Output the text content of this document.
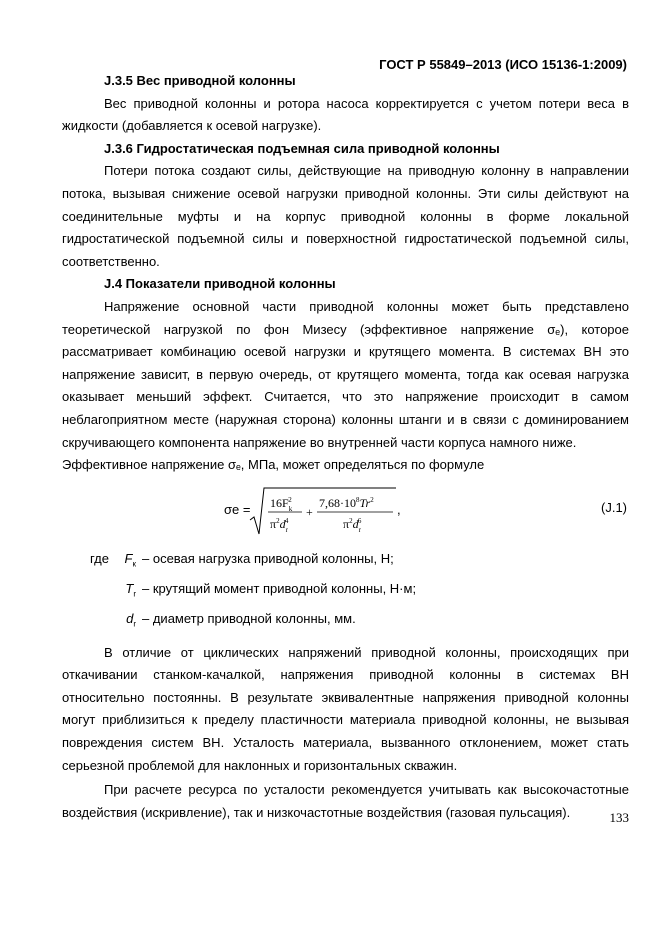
ГОСТ Р 55849–2013 (ИСО 15136-1:2009)

J.3.5 Вес приводной колонны

Вес приводной колонны и ротора насоса корректируется с учетом потери веса в жидкости (добавляется к осевой нагрузке).

J.3.6 Гидростатическая подъемная сила приводной колонны

Потери потока создают силы, действующие на приводную колонну в направлении потока, вызывая снижение осевой нагрузки приводной колонны. Эти силы действуют на соединительные муфты и на корпус приводной колонны в форме локальной гидростатической подъемной силы и поверхностной гидростатической подъемной силы, соответственно.

J.4 Показатели приводной колонны

Напряжение основной части приводной колонны может быть представлено теоретической нагрузкой по фон Мизесу (эффективное напряжение σₑ), которое рассматривает комбинацию осевой нагрузки и крутящего момента. В системах ВН это напряжение зависит, в первую очередь, от крутящего момента, тогда как осевая нагрузка оказывает меньший эффект. Считается, что это напряжение происходит в самом неблагоприятном месте (наружная сторона) колонны штанги и в связи с доминированием скручивающего компонента напряжение во внутренней части корпуса намного ниже.

Эффективное напряжение σₑ, МПа, может определяться по формуле

$\sigma e = 16F_k2$
$\pi^2d_r4$
+
$7,68\cdot 10^8Tr^2$
$\pi^2d_r6$
,	(J.1)
где	$F_к$ – осевая нагрузка приводной колонны, Н;
$T_r$ – крутящий момент приводной колонны, Н·м;
$d_r$ – диаметр приводной колонны, мм.

В отличие от циклических напряжений приводной колонны, происходящих при откачивании станком-качалкой, напряжения приводной колонны в системах ВН относительно постоянны. В результате эквивалентные напряжения приводной колонны могут приблизиться к пределу пластичности материала приводной колонны, не вызывая повреждения систем ВН. Усталость материала, вызванного отклонением, может стать серьезной проблемой для наклонных и горизонтальных скважин.

При расчете ресурса по усталости рекомендуется учитывать как высокочастотные воздействия (искривление), так и низкочастотные воздействия (газовая пульсация).	133
